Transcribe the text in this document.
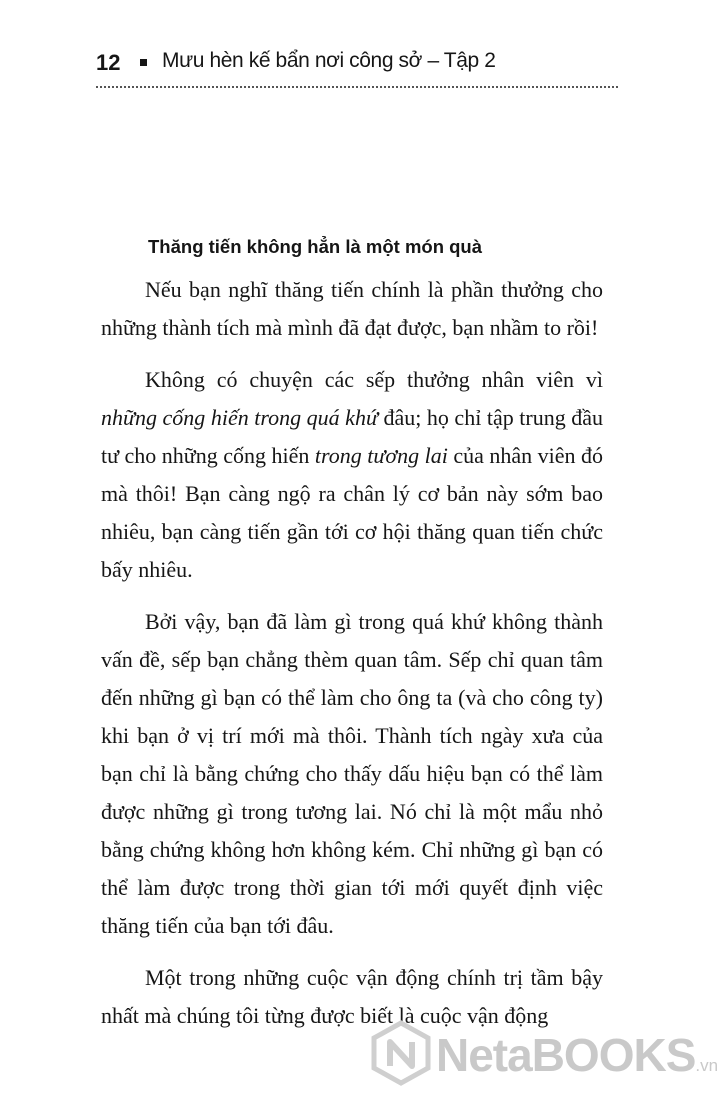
12 Mưu hèn kế bẩn nơi công sở – Tập 2
Thăng tiến không hẳn là một món quà

Nếu bạn nghĩ thăng tiến chính là phần thưởng cho những thành tích mà mình đã đạt được, bạn nhầm to rồi!

Không có chuyện các sếp thưởng nhân viên vì những cống hiến trong quá khứ đâu; họ chỉ tập trung đầu tư cho những cống hiến trong tương lai của nhân viên đó mà thôi! Bạn càng ngộ ra chân lý cơ bản này sớm bao nhiêu, bạn càng tiến gần tới cơ hội thăng quan tiến chức bấy nhiêu.

Bởi vậy, bạn đã làm gì trong quá khứ không thành vấn đề, sếp bạn chẳng thèm quan tâm. Sếp chỉ quan tâm đến những gì bạn có thể làm cho ông ta (và cho công ty) khi bạn ở vị trí mới mà thôi. Thành tích ngày xưa của bạn chỉ là bằng chứng cho thấy dấu hiệu bạn có thể làm được những gì trong tương lai. Nó chỉ là một mẩu nhỏ bằng chứng không hơn không kém. Chỉ những gì bạn có thể làm được trong thời gian tới mới quyết định việc thăng tiến của bạn tới đâu.

Một trong những cuộc vận động chính trị tầm bậy nhất mà chúng tôi từng được biết là cuộc vận động

NetaBOOKS.vn
